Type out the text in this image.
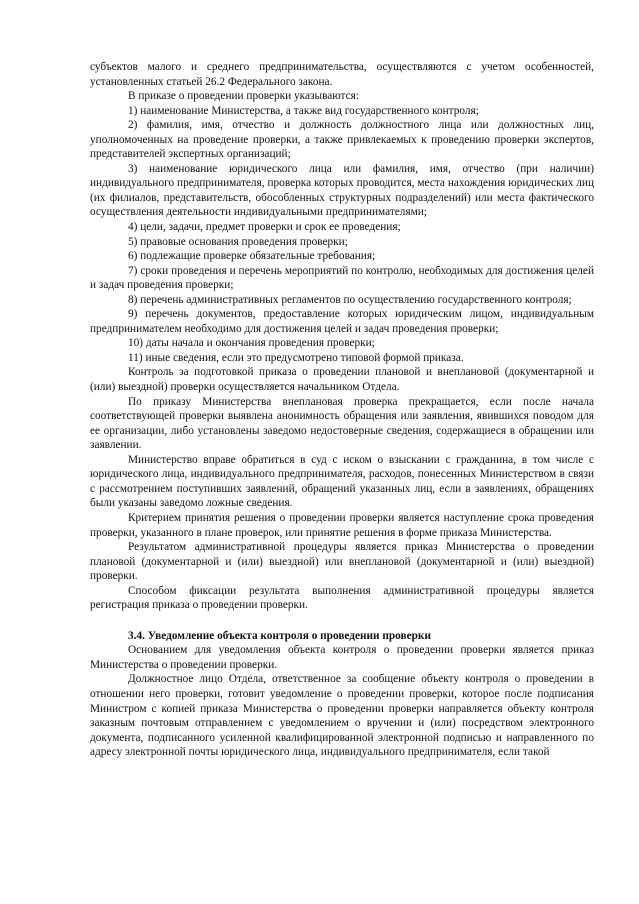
субъектов малого и среднего предпринимательства, осуществляются с учетом особенностей, установленных статьей 26.2 Федерального закона.

В приказе о проведении проверки указываются:

1) наименование Министерства, а также вид государственного контроля;

2) фамилия, имя, отчество и должность должностного лица или должностных лиц, уполномоченных на проведение проверки, а также привлекаемых к проведению проверки экспертов, представителей экспертных организаций;

3) наименование юридического лица или фамилия, имя, отчество (при наличии) индивидуального предпринимателя, проверка которых проводится, места нахождения юридических лиц (их филиалов, представительств, обособленных структурных подразделений) или места фактического осуществления деятельности индивидуальными предпринимателями;

4) цели, задачи, предмет проверки и срок ее проведения;

5) правовые основания проведения проверки;

6) подлежащие проверке обязательные требования;

7) сроки проведения и перечень мероприятий по контролю, необходимых для достижения целей и задач проведения проверки;

8) перечень административных регламентов по осуществлению государственного контроля;

9) перечень документов, предоставление которых юридическим лицом, индивидуальным предпринимателем необходимо для достижения целей и задач проведения проверки;

10) даты начала и окончания проведения проверки;

11) иные сведения, если это предусмотрено типовой формой приказа.

Контроль за подготовкой приказа о проведении плановой и внеплановой (документарной и (или) выездной) проверки осуществляется начальником Отдела.

По приказу Министерства внеплановая проверка прекращается, если после начала соответствующей проверки выявлена анонимность обращения или заявления, явившихся поводом для ее организации, либо установлены заведомо недостоверные сведения, содержащиеся в обращении или заявлении.

Министерство вправе обратиться в суд с иском о взыскании с гражданина, в том числе с юридического лица, индивидуального предпринимателя, расходов, понесенных Министерством в связи с рассмотрением поступивших заявлений, обращений указанных лиц, если в заявлениях, обращениях были указаны заведомо ложные сведения.

Критерием принятия решения о проведении проверки является наступление срока проведения проверки, указанного в плане проверок, или принятие решения в форме приказа Министерства.

Результатом административной процедуры является приказ Министерства о проведении плановой (документарной и (или) выездной) или внеплановой (документарной и (или) выездной) проверки.

Способом фиксации результата выполнения административной процедуры является регистрация приказа о проведении проверки.

3.4. Уведомление объекта контроля о проведении проверки

Основанием для уведомления объекта контроля о проведении проверки является приказ Министерства о проведении проверки.

Должностное лицо Отдела, ответственное за сообщение объекту контроля о проведении в отношении него проверки, готовит уведомление о проведении проверки, которое после подписания Министром с копией приказа Министерства о проведении проверки направляется объекту контроля заказным почтовым отправлением с уведомлением о вручении и (или) посредством электронного документа, подписанного усиленной квалифицированной электронной подписью и направленного по адресу электронной почты юридического лица, индивидуального предпринимателя, если такой
